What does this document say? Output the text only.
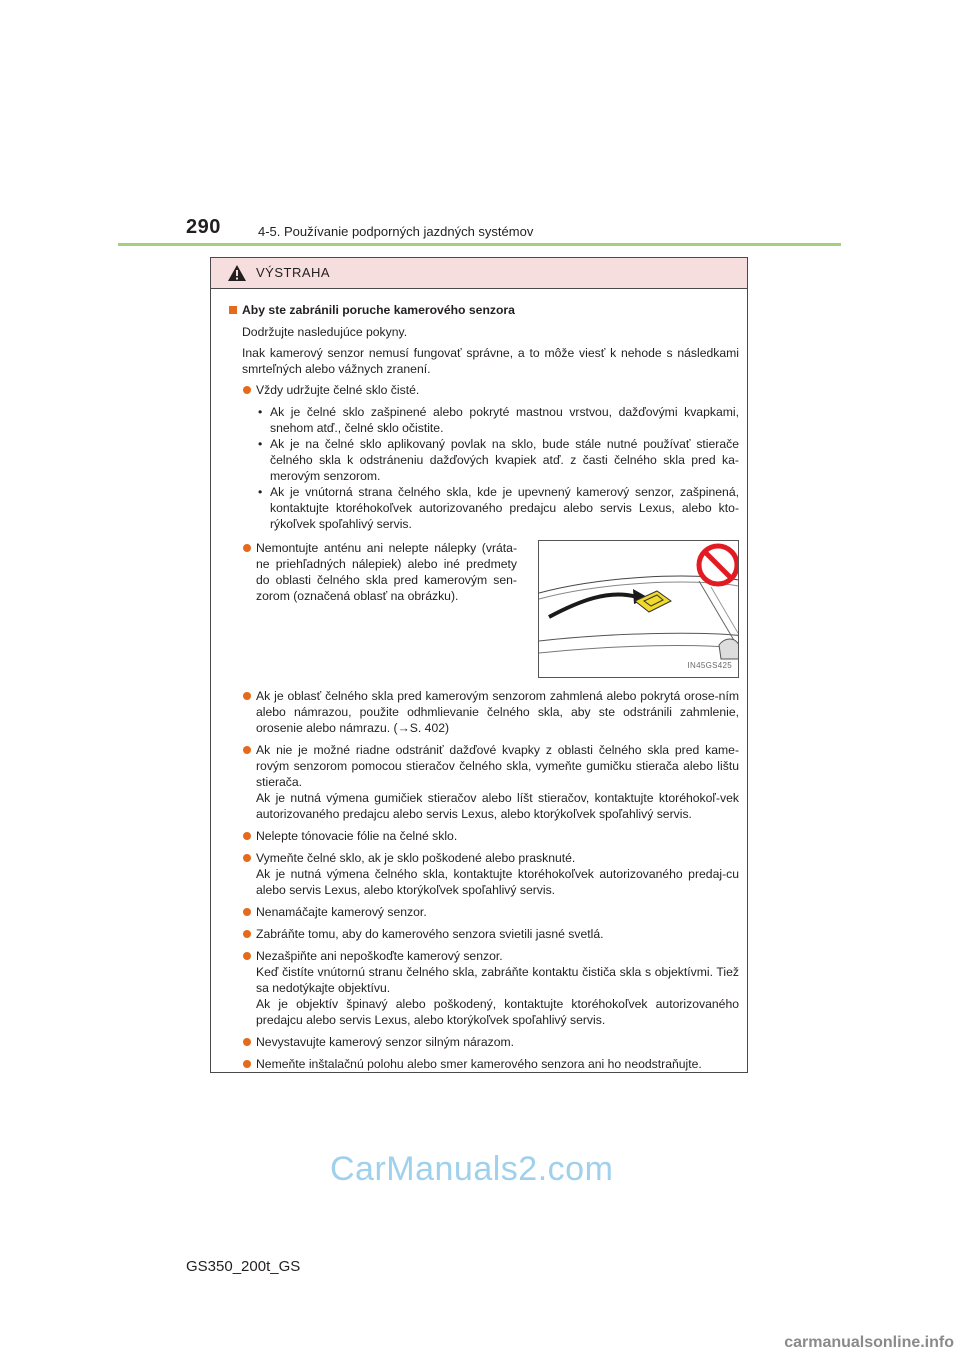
290	4-5. Používanie podporných jazdných systémov
VÝSTRAHA
Aby ste zabránili poruche kamerového senzora
Dodržujte nasledujúce pokyny.
Inak kamerový senzor nemusí fungovať správne, a to môže viesť k nehode s následkami smrteľných alebo vážnych zranení.
Vždy udržujte čelné sklo čisté.
• Ak je čelné sklo zašpinené alebo pokryté mastnou vrstvou, dažďovými kvapkami, snehom atď., čelné sklo očistite.
• Ak je na čelné sklo aplikovaný povlak na sklo, bude stále nutné používať stierače čelného skla k odstráneniu dažďových kvapiek atď. z časti čelného skla pred ka-merovým senzorom.
• Ak je vnútorná strana čelného skla, kde je upevnený kamerový senzor, zašpinená, kontaktujte ktoréhokoľvek autorizovaného predajcu alebo servis Lexus, alebo kto-rýkoľvek spoľahlivý servis.
Nemontujte anténu ani nelepte nálepky (vráta-ne priehľadných nálepiek) alebo iné predmety do oblasti čelného skla pred kamerovým sen-zorom (označená oblasť na obrázku).
IN45GS425
Ak je oblasť čelného skla pred kamerovým senzorom zahmlená alebo pokrytá orose-ním alebo námrazou, použite odhmlievanie čelného skla, aby ste odstránili zahmlenie, orosenie alebo námrazu. (→S. 402)
Ak nie je možné riadne odstrániť dažďové kvapky z oblasti čelného skla pred kame-rovým senzorom pomocou stieračov čelného skla, vymeňte gumičku stierača alebo lištu stierača.
Ak je nutná výmena gumičiek stieračov alebo líšt stieračov, kontaktujte ktoréhokoľ-vek autorizovaného predajcu alebo servis Lexus, alebo ktorýkoľvek spoľahlivý servis.
Nelepte tónovacie fólie na čelné sklo.
Vymeňte čelné sklo, ak je sklo poškodené alebo prasknuté.
Ak je nutná výmena čelného skla, kontaktujte ktoréhokoľvek autorizovaného predaj-cu alebo servis Lexus, alebo ktorýkoľvek spoľahlivý servis.
Nenamáčajte kamerový senzor.
Zabráňte tomu, aby do kamerového senzora svietili jasné svetlá.
Nezašpiňte ani nepoškoďte kamerový senzor.
Keď čistíte vnútornú stranu čelného skla, zabráňte kontaktu čističa skla s objektívmi. Tiež sa nedotýkajte objektívu.
Ak je objektív špinavý alebo poškodený, kontaktujte ktoréhokoľvek autorizovaného predajcu alebo servis Lexus, alebo ktorýkoľvek spoľahlivý servis.
Nevystavujte kamerový senzor silným nárazom.
Nemeňte inštalačnú polohu alebo smer kamerového senzora ani ho neodstraňujte.
GS350_200t_GS
CarManuals2.com
carmanualsonline.info
